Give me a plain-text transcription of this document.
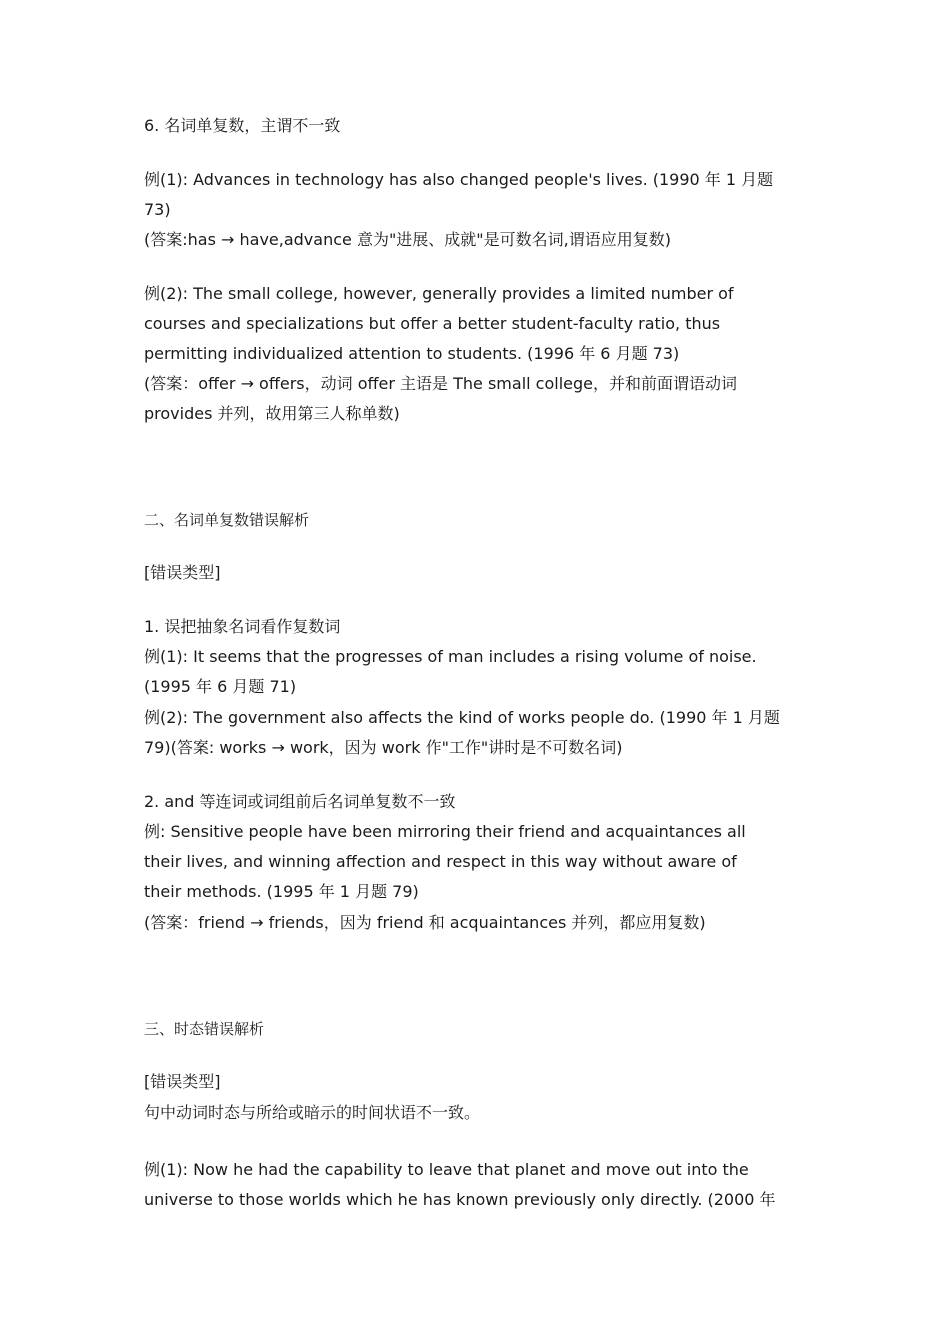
6. 名词单复数，主谓不一致
例(1): Advances in technology has also changed people's lives. (1990 年 1 月题
73)
(答案:has → have,advance 意为"进展、成就"是可数名词,谓语应用复数)
例(2): The small college, however, generally provides a limited number of
courses and specializations but offer a better student-faculty ratio, thus
permitting individualized attention to students. (1996 年 6 月题 73)
(答案：offer → offers，动词 offer 主语是 The small college，并和前面谓语动词
provides 并列，故用第三人称单数)
二、名词单复数错误解析
[错误类型]
1. 误把抽象名词看作复数词
例(1): It seems that the progresses of man includes a rising volume of noise.
(1995 年 6 月题 71)
例(2): The government also affects the kind of works people do. (1990 年 1 月题
79)(答案: works → work，因为 work 作"工作"讲时是不可数名词)
2. and 等连词或词组前后名词单复数不一致
例: Sensitive people have been mirroring their friend and acquaintances all
their lives, and winning affection and respect in this way without aware of
their methods. (1995 年 1 月题 79)
(答案：friend → friends，因为 friend 和 acquaintances 并列，都应用复数)
三、时态错误解析
[错误类型]
句中动词时态与所给或暗示的时间状语不一致。
例(1): Now he had the capability to leave that planet and move out into the
universe to those worlds which he has known previously only directly. (2000 年
